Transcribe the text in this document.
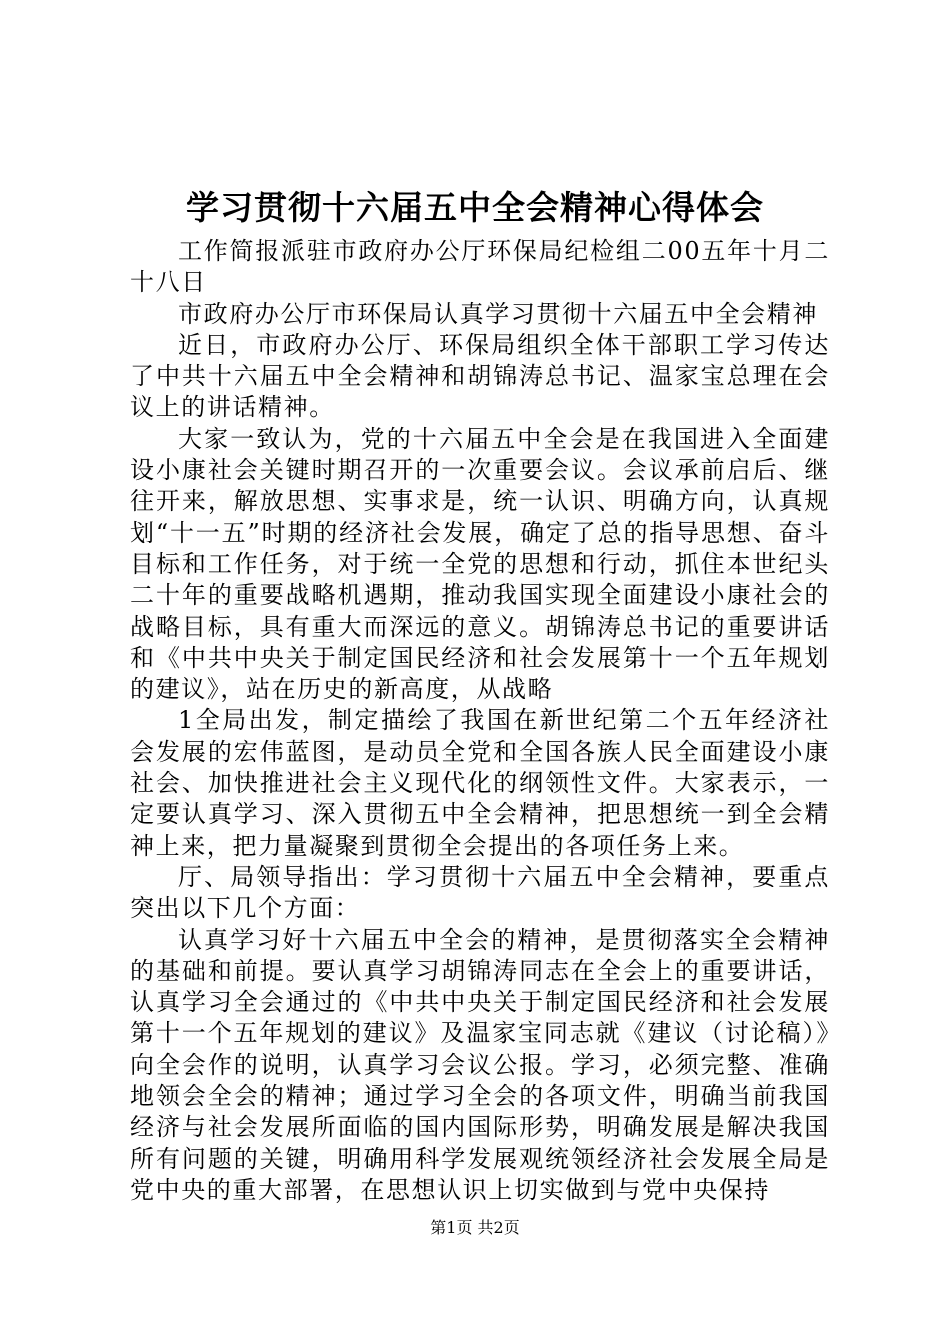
学习贯彻十六届五中全会精神心得体会

工作简报派驻市政府办公厅环保局纪检组二00五年十月二十八日

市政府办公厅市环保局认真学习贯彻十六届五中全会精神

近日，市政府办公厅、环保局组织全体干部职工学习传达了中共十六届五中全会精神和胡锦涛总书记、温家宝总理在会议上的讲话精神。

大家一致认为，党的十六届五中全会是在我国进入全面建设小康社会关键时期召开的一次重要会议。会议承前启后、继往开来，解放思想、实事求是，统一认识、明确方向，认真规划“十一五”时期的经济社会发展，确定了总的指导思想、奋斗目标和工作任务，对于统一全党的思想和行动，抓住本世纪头二十年的重要战略机遇期，推动我国实现全面建设小康社会的战略目标，具有重大而深远的意义。胡锦涛总书记的重要讲话和《中共中央关于制定国民经济和社会发展第十一个五年规划的建议》，站在历史的新高度，从战略

1全局出发，制定描绘了我国在新世纪第二个五年经济社会发展的宏伟蓝图，是动员全党和全国各族人民全面建设小康社会、加快推进社会主义现代化的纲领性文件。大家表示，一定要认真学习、深入贯彻五中全会精神，把思想统一到全会精神上来，把力量凝聚到贯彻全会提出的各项任务上来。

厅、局领导指出：学习贯彻十六届五中全会精神，要重点突出以下几个方面：

认真学习好十六届五中全会的精神，是贯彻落实全会精神的基础和前提。要认真学习胡锦涛同志在全会上的重要讲话，认真学习全会通过的《中共中央关于制定国民经济和社会发展第十一个五年规划的建议》及温家宝同志就《建议（讨论稿）》向全会作的说明，认真学习会议公报。学习，必须完整、准确地领会全会的精神；通过学习全会的各项文件，明确当前我国经济与社会发展所面临的国内国际形势，明确发展是解决我国所有问题的关键，明确用科学发展观统领经济社会发展全局是党中央的重大部署，在思想认识上切实做到与党中央保持

第1页 共2页
